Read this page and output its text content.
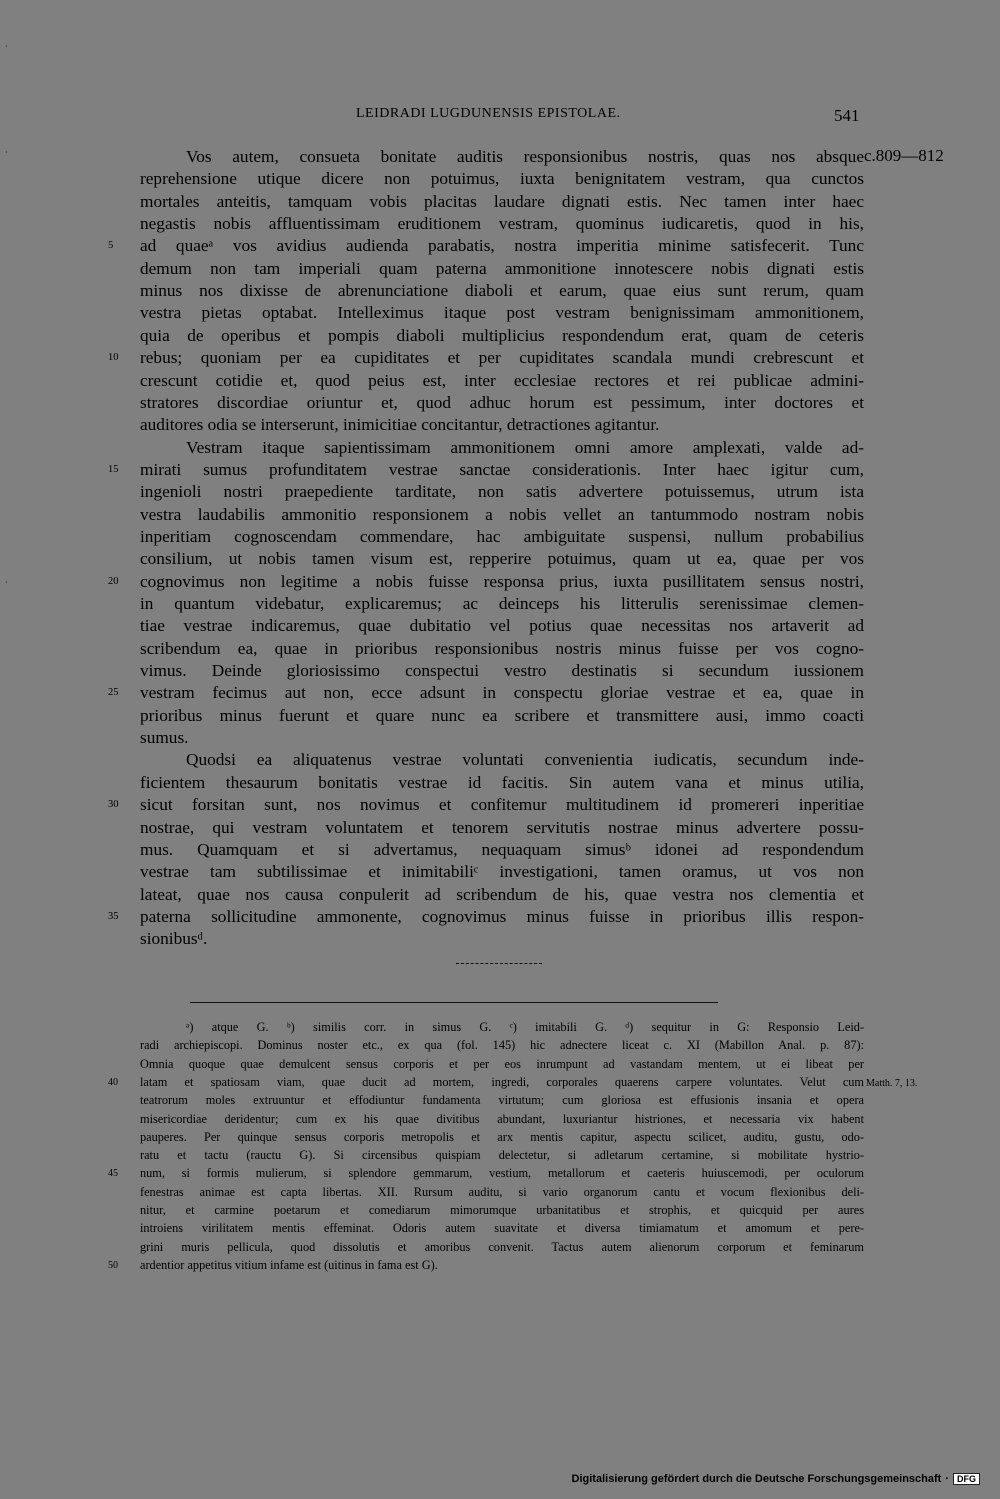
·
·
·
LEIDRADI LUGDUNENSIS EPISTOLAE.	541
c.809—812
Vos autem, consueta bonitate auditis responsionibus nostris, quas nos absque
reprehensione utique dicere non potuimus, iuxta benignitatem vestram, qua cunctos
mortales anteitis, tamquam vobis placitas laudare dignati estis. Nec tamen inter haec
negastis nobis affluentissimam eruditionem vestram, quominus iudicaretis, quod in his,
ad quaeᵃ vos avidius audienda parabatis, nostra imperitia minime satisfecerit. Tunc
demum non tam imperiali quam paterna ammonitione innotescere nobis dignati estis
minus nos dixisse de abrenunciatione diaboli et earum, quae eius sunt rerum, quam
vestra pietas optabat. Intelleximus itaque post vestram benignissimam ammonitionem,
quia de operibus et pompis diaboli multiplicius respondendum erat, quam de ceteris
rebus; quoniam per ea cupiditates et per cupiditates scandala mundi crebrescunt et
crescunt cotidie et, quod peius est, inter ecclesiae rectores et rei publicae admini-
stratores discordiae oriuntur et, quod adhuc horum est pessimum, inter doctores et
auditores odia se interserunt, inimicitiae concitantur, detractiones agitantur.
Vestram itaque sapientissimam ammonitionem omni amore amplexati, valde ad-
mirati sumus profunditatem vestrae sanctae considerationis. Inter haec igitur cum,
ingenioli nostri praepediente tarditate, non satis advertere potuissemus, utrum ista
vestra laudabilis ammonitio responsionem a nobis vellet an tantummodo nostram nobis
inperitiam cognoscendam commendare, hac ambiguitate suspensi, nullum probabilius
consilium, ut nobis tamen visum est, repperire potuimus, quam ut ea, quae per vos
cognovimus non legitime a nobis fuisse responsa prius, iuxta pusillitatem sensus nostri,
in quantum videbatur, explicaremus; ac deinceps his litterulis serenissimae clemen-
tiae vestrae indicaremus, quae dubitatio vel potius quae necessitas nos artaverit ad
scribendum ea, quae in prioribus responsionibus nostris minus fuisse per vos cogno-
vimus. Deinde gloriosissimo conspectui vestro destinatis si secundum iussionem
vestram fecimus aut non, ecce adsunt in conspectu gloriae vestrae et ea, quae in
prioribus minus fuerunt et quare nunc ea scribere et transmittere ausi, immo coacti
sumus.
Quodsi ea aliquatenus vestrae voluntati convenientia iudicatis, secundum inde-
ficientem thesaurum bonitatis vestrae id facitis. Sin autem vana et minus utilia,
sicut forsitan sunt, nos novimus et confitemur multitudinem id promereri inperitiae
nostrae, qui vestram voluntatem et tenorem servitutis nostrae minus advertere possu-
mus. Quamquam et si advertamus, nequaquam simusᵇ idonei ad respondendum
vestrae tam subtilissimae et inimitabiliᶜ investigationi, tamen oramus, ut vos non
lateat, quae nos causa conpulerit ad scribendum de his, quae vestra nos clementia et
paterna sollicitudine ammonente, cognovimus minus fuisse in prioribus illis respon-
sionibusᵈ.
5
10
15
20
25
30
35
ᵃ) atque G. ᵇ) similis corr. in simus G. ᶜ) imitabili G. ᵈ) sequitur in G: Responsio Leid-
radi archiepiscopi. Dominus noster etc., ex qua (fol. 145) hic adnectere liceat c. XI (Mabillon Anal. p. 87):
Omnia quoque quae demulcent sensus corporis et per eos inrumpunt ad vastandam mentem, ut ei libeat per
latam et spatiosam viam, quae ducit ad mortem, ingredi, corporales quaerens carpere voluntates. Velut cum
teatrorum moles extruuntur et effodiuntur fundamenta virtutum; cum gloriosa est effusionis insania et opera
misericordiae deridentur; cum ex his quae divitibus abundant, luxuriantur histriones, et necessaria vix habent
pauperes. Per quinque sensus corporis metropolis et arx mentis capitur, aspectu scilicet, auditu, gustu, odo-
ratu et tactu (rauctu G). Si circensibus quispiam delectetur, si adletarum certamine, si mobilitate hystrio-
num, si formis mulierum, si splendore gemmarum, vestium, metallorum et caeteris huiuscemodi, per oculorum
fenestras animae est capta libertas. XII. Rursum auditu, si vario organorum cantu et vocum flexionibus deli-
nitur, et carmine poetarum et comediarum mimorumque urbanitatibus et strophis, et quicquid per aures
introiens virilitatem mentis effeminat. Odoris autem suavitate et diversa timiamatum et amomum et pere-
grini muris pellicula, quod dissolutis et amoribus convenit. Tactus autem alienorum corporum et feminarum
ardentior appetitus vitium infame est (uitinus in fama est G).
40
45
50
Matth. 7, 13.
Digitalisierung gefördert durch die Deutsche Forschungsgemeinschaft · DFG
